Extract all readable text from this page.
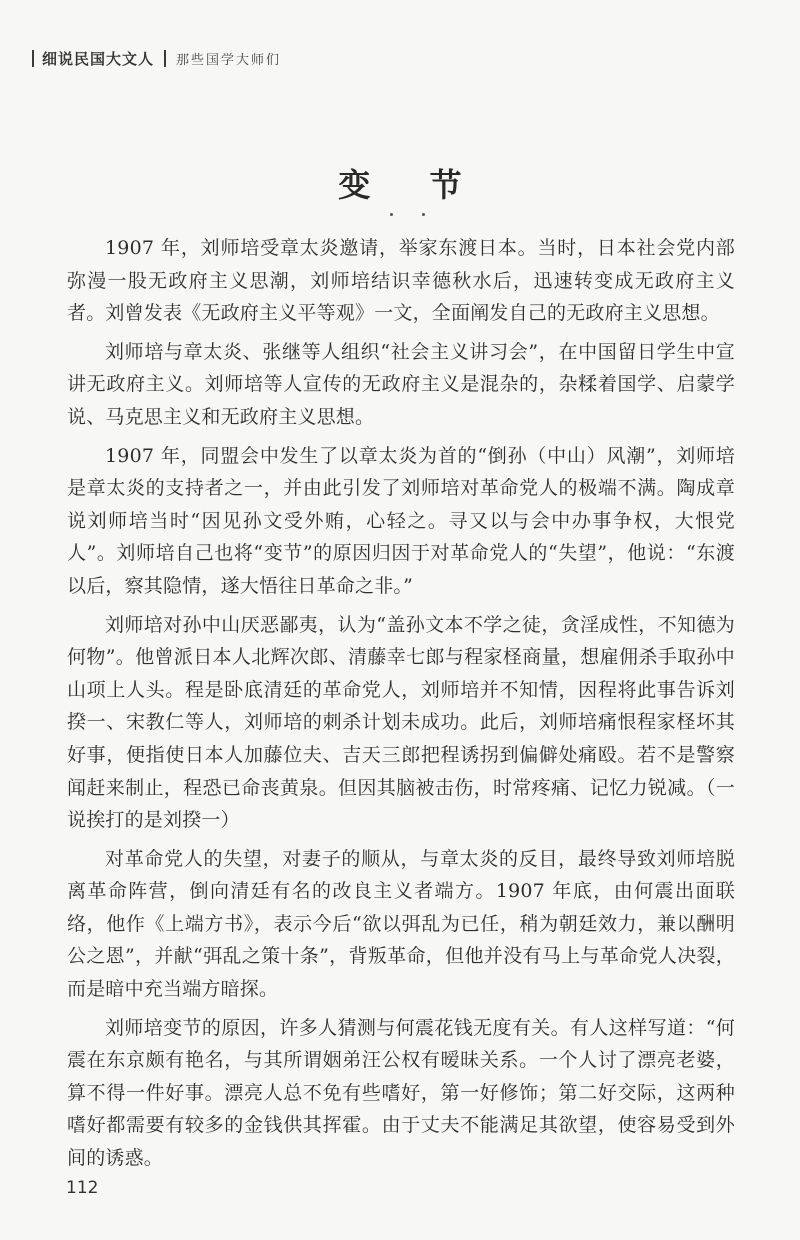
细说民国大文人 那些国学大师们
变 节

1907 年，刘师培受章太炎邀请，举家东渡日本。当时，日本社会党内部弥漫一股无政府主义思潮，刘师培结识幸德秋水后，迅速转变成无政府主义者。刘曾发表《无政府主义平等观》一文，全面阐发自己的无政府主义思想。

刘师培与章太炎、张继等人组织“社会主义讲习会”，在中国留日学生中宣讲无政府主义。刘师培等人宣传的无政府主义是混杂的，杂糅着国学、启蒙学说、马克思主义和无政府主义思想。

1907 年，同盟会中发生了以章太炎为首的“倒孙（中山）风潮”，刘师培是章太炎的支持者之一，并由此引发了刘师培对革命党人的极端不满。陶成章说刘师培当时“因见孙文受外贿，心轻之。寻又以与会中办事争权，大恨党人”。刘师培自己也将“变节”的原因归因于对革命党人的“失望”，他说：“东渡以后，察其隐情，遂大悟往日革命之非。”

刘师培对孙中山厌恶鄙夷，认为“盖孙文本不学之徒，贪淫成性，不知德为何物”。他曾派日本人北辉次郎、清藤幸七郎与程家柽商量，想雇佣杀手取孙中山项上人头。程是卧底清廷的革命党人，刘师培并不知情，因程将此事告诉刘揆一、宋教仁等人，刘师培的刺杀计划未成功。此后，刘师培痛恨程家柽坏其好事，便指使日本人加藤位夫、吉天三郎把程诱拐到偏僻处痛殴。若不是警察闻赶来制止，程恐已命丧黄泉。但因其脑被击伤，时常疼痛、记忆力锐减。（一说挨打的是刘揆一）

对革命党人的失望，对妻子的顺从，与章太炎的反目，最终导致刘师培脱离革命阵营，倒向清廷有名的改良主义者端方。1907 年底，由何震出面联络，他作《上端方书》，表示今后“欲以弭乱为已任，稍为朝廷效力，兼以酬明公之恩”，并献“弭乱之策十条”，背叛革命，但他并没有马上与革命党人决裂，而是暗中充当端方暗探。

刘师培变节的原因，许多人猜测与何震花钱无度有关。有人这样写道：“何震在东京颇有艳名，与其所谓姻弟汪公权有暧昧关系。一个人讨了漂亮老婆，算不得一件好事。漂亮人总不免有些嗜好，第一好修饰；第二好交际，这两种嗜好都需要有较多的金钱供其挥霍。由于丈夫不能满足其欲望，使容易受到外间的诱惑。

112
